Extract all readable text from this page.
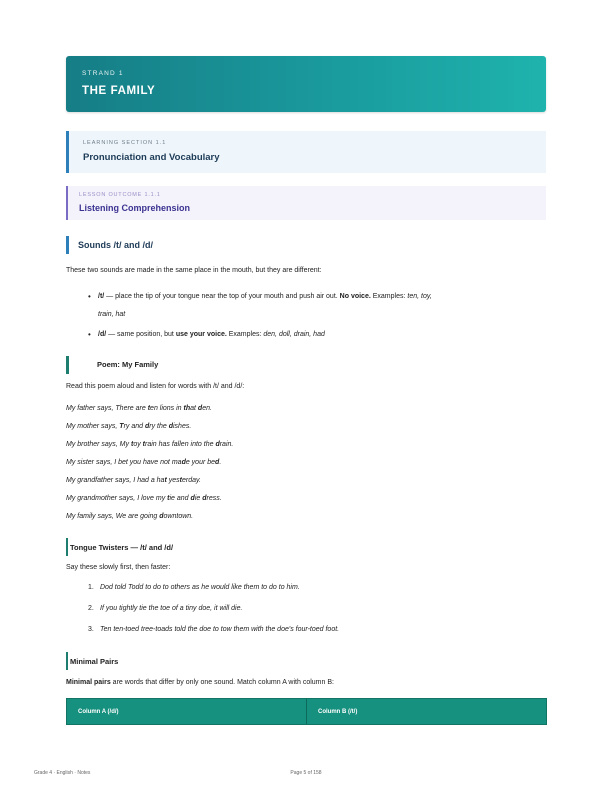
STRAND 1
THE FAMILY
LEARNING SECTION 1.1
Pronunciation and Vocabulary
LESSON OUTCOME 1.1.1
Listening Comprehension
Sounds /t/ and /d/
These two sounds are made in the same place in the mouth, but they are different:
• /t/ — place the tip of your tongue near the top of your mouth and push air out. No voice. Examples: ten, toy,
train, hat
• /d/ — same position, but use your voice. Examples: den, doll, drain, had
Poem: My Family
Read this poem aloud and listen for words with /t/ and /d/:
My father says, There are ten lions in that den.
My mother says, Try and dry the dishes.
My brother says, My toy train has fallen into the drain.
My sister says, I bet you have not made your bed.
My grandfather says, I had a hat yesterday.
My grandmother says, I love my tie and die dress.
My family says, We are going downtown.
Tongue Twisters — /t/ and /d/
Say these slowly first, then faster:
1. Dod told Todd to do to others as he would like them to do to him.
2. If you tightly tie the toe of a tiny doe, it will die.
3. Ten ten-toed tree-toads told the doe to tow them with the doe's four-toed foot.
Minimal Pairs
Minimal pairs are words that differ by only one sound. Match column A with column B:
Column A (/d/)	Column B (/t/)
Grade 4 · English · Notes	Page 5 of 158
